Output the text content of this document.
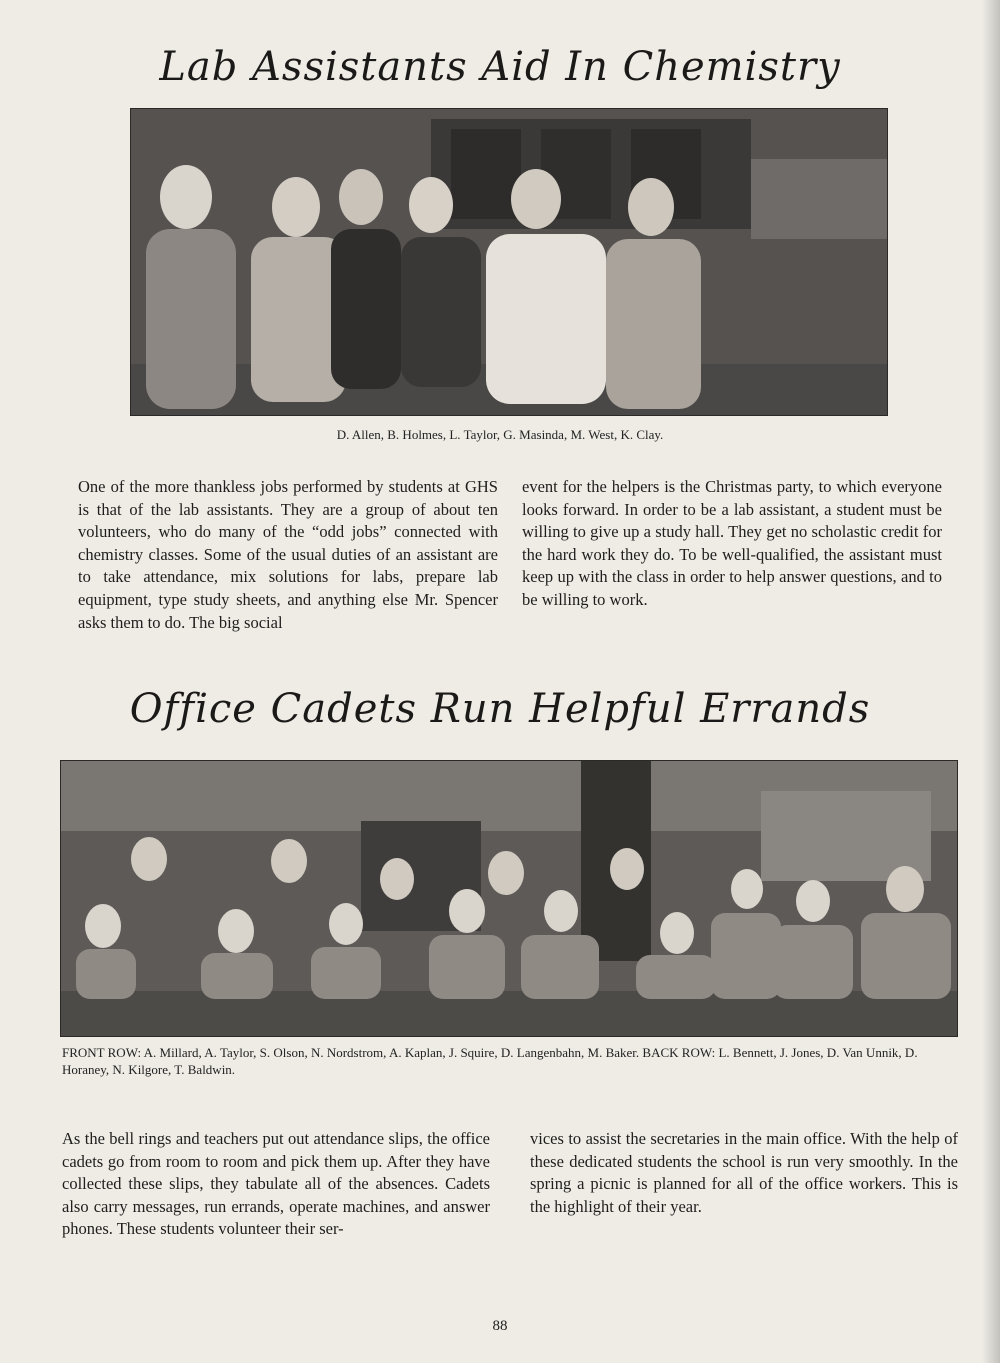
Lab Assistants Aid In Chemistry

D. Allen, B. Holmes, L. Taylor, G. Masinda, M. West, K. Clay.

One of the more thankless jobs performed by students at GHS is that of the lab assistants. They are a group of about ten volunteers, who do many of the “odd jobs” connected with chemistry classes. Some of the usual duties of an assistant are to take attendance, mix solutions for labs, prepare lab equipment, type study sheets, and anything else Mr. Spencer asks them to do. The big social

event for the helpers is the Christmas party, to which everyone looks forward. In order to be a lab assistant, a student must be willing to give up a study hall. They get no scholastic credit for the hard work they do. To be well-qualified, the assistant must keep up with the class in order to help answer questions, and to be willing to work.

Office Cadets Run Helpful Errands

FRONT ROW: A. Millard, A. Taylor, S. Olson, N. Nordstrom, A. Kaplan, J. Squire, D. Langenbahn, M. Baker. BACK ROW: L. Bennett, J. Jones, D. Van Unnik, D. Horaney, N. Kilgore, T. Baldwin.

As the bell rings and teachers put out attendance slips, the office cadets go from room to room and pick them up. After they have collected these slips, they tabulate all of the absences. Cadets also carry messages, run errands, operate machines, and answer phones. These students volunteer their ser-

vices to assist the secretaries in the main office. With the help of these dedicated students the school is run very smoothly. In the spring a picnic is planned for all of the office workers. This is the highlight of their year.

88
